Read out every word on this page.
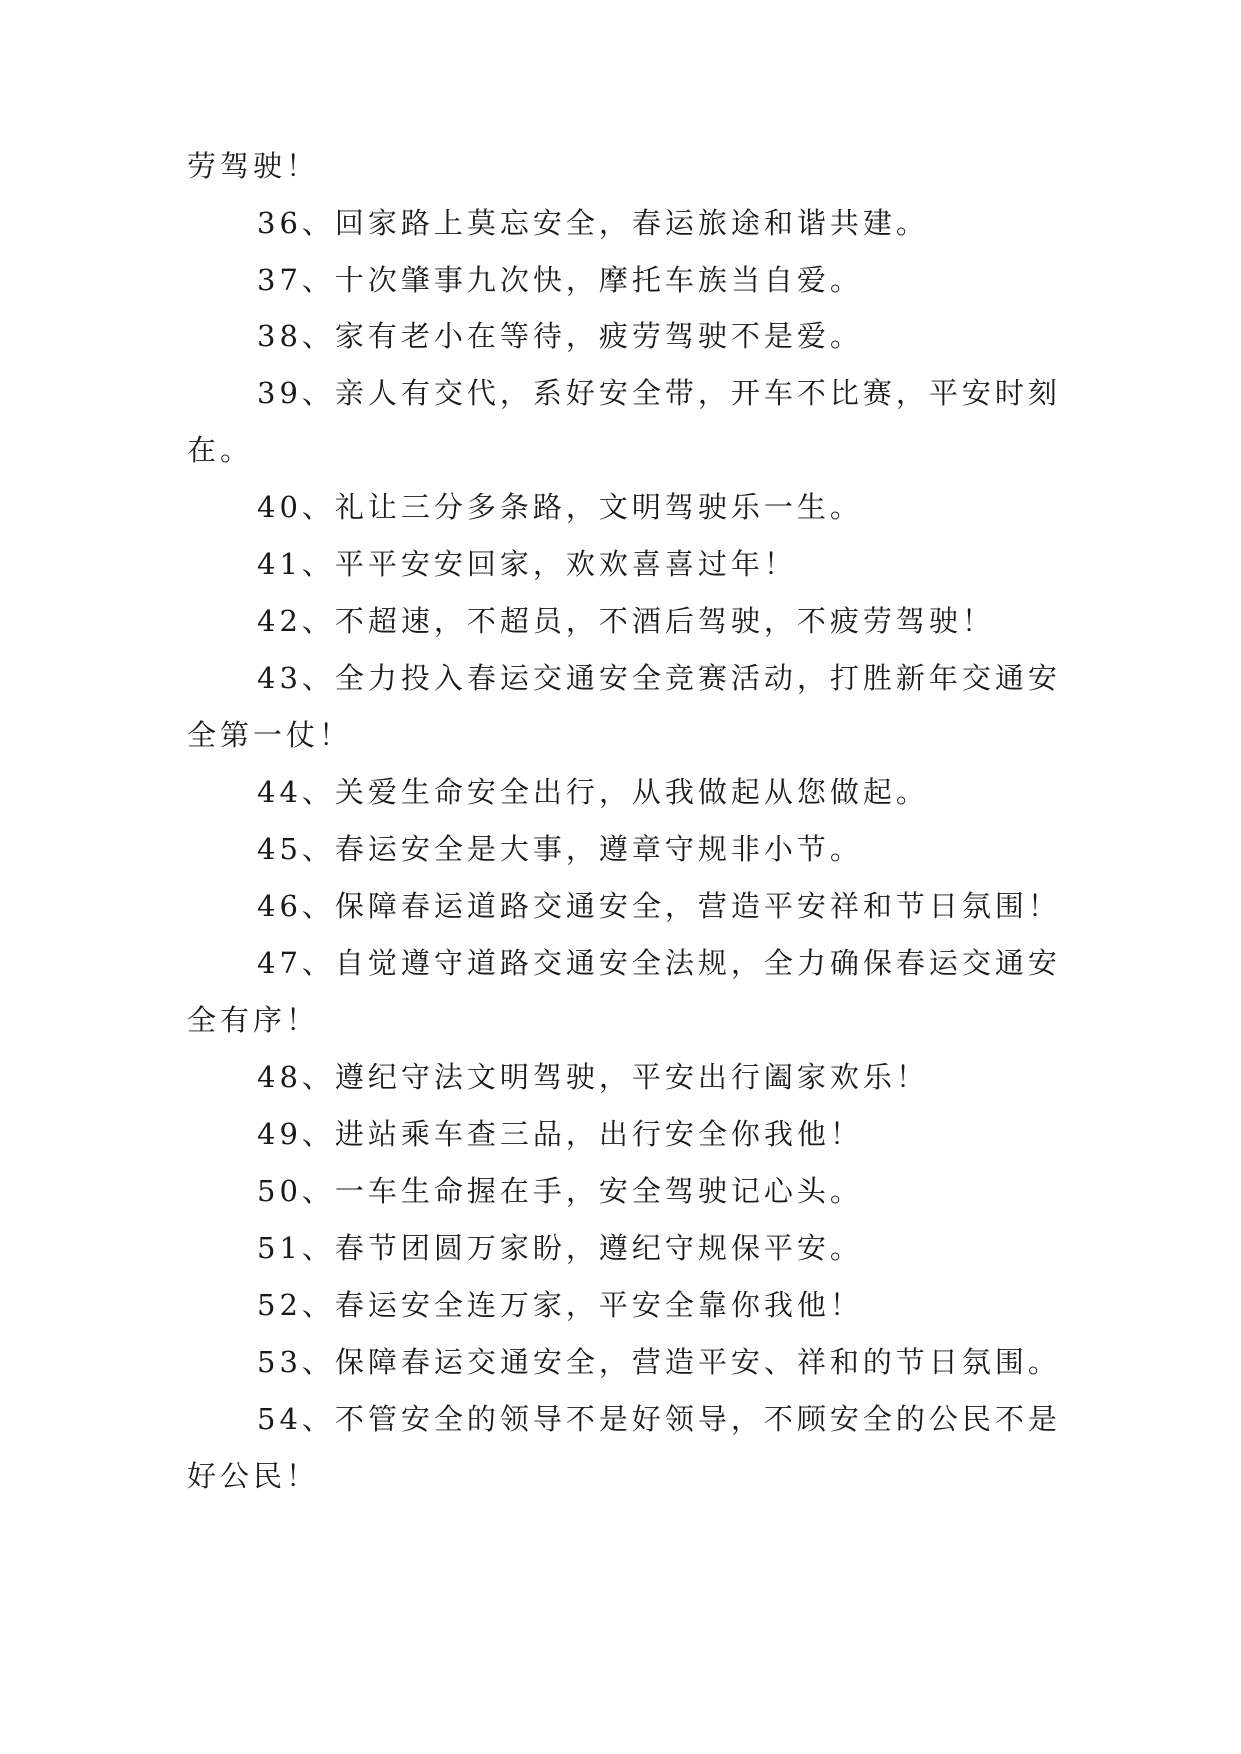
劳驾驶！
36、回家路上莫忘安全，春运旅途和谐共建。
37、十次肇事九次快，摩托车族当自爱。
38、家有老小在等待，疲劳驾驶不是爱。
39、亲人有交代，系好安全带，开车不比赛，平安时刻
在。
40、礼让三分多条路，文明驾驶乐一生。
41、平平安安回家，欢欢喜喜过年！
42、不超速，不超员，不酒后驾驶，不疲劳驾驶！
43、全力投入春运交通安全竞赛活动，打胜新年交通安
全第一仗！
44、关爱生命安全出行，从我做起从您做起。
45、春运安全是大事，遵章守规非小节。
46、保障春运道路交通安全，营造平安祥和节日氛围！
47、自觉遵守道路交通安全法规，全力确保春运交通安
全有序！
48、遵纪守法文明驾驶，平安出行阖家欢乐！
49、进站乘车查三品，出行安全你我他！
50、一车生命握在手，安全驾驶记心头。
51、春节团圆万家盼，遵纪守规保平安。
52、春运安全连万家，平安全靠你我他！
53、保障春运交通安全，营造平安、祥和的节日氛围。
54、不管安全的领导不是好领导，不顾安全的公民不是
好公民！
